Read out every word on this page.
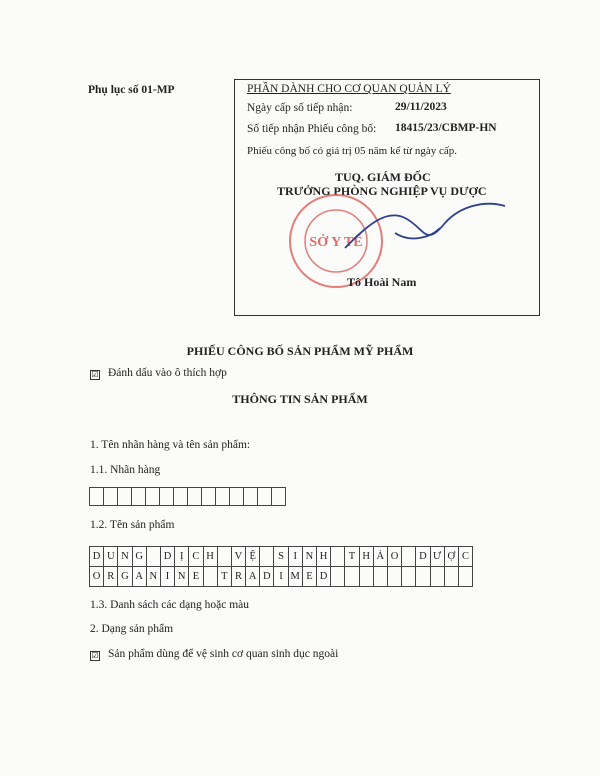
Phụ lục số 01-MP	PHẦN DÀNH CHO CƠ QUAN QUẢN LÝ
Ngày cấp số tiếp nhận:	29/11/2023
Số tiếp nhận Phiếu công bố: 18415/23/CBMP-HN
Phiếu công bố có giá trị 05 năm kể từ ngày cấp.
TUQ. GIÁM ĐỐC
TRƯỞNG PHÒNG NGHIỆP VỤ DƯỢC
SỞ Y TẾ
Tô Hoài Nam
PHIẾU CÔNG BỐ SẢN PHẨM MỸ PHẨM
☑ Đánh dấu vào ô thích hợp
THÔNG TIN SẢN PHẨM
1. Tên nhãn hàng và tên sản phẩm:
1.1. Nhãn hàng
1.2. Tên sản phẩm
D U N G	D Ị C H	V Ệ	S I N H	T H Ả O	D Ư Ợ C
O R G A N I N E	T R A D I M E D
1.3. Danh sách các dạng hoặc màu
2. Dạng sản phẩm
☑ Sản phẩm dùng để vệ sinh cơ quan sinh dục ngoài
